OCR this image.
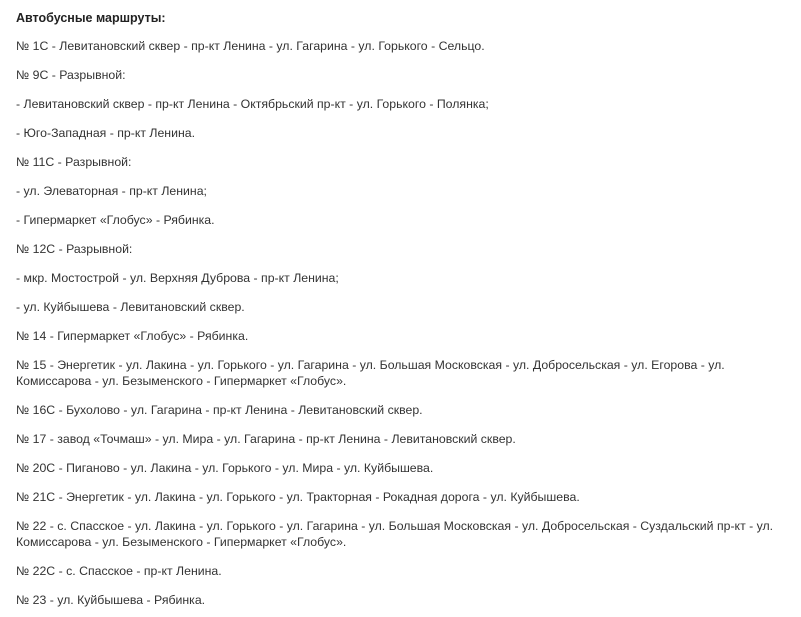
Автобусные маршруты:

№ 1С - Левитановский сквер - пр-кт Ленина - ул. Гагарина - ул. Горького - Сельцо.

№ 9С - Разрывной:

- Левитановский сквер - пр-кт Ленина - Октябрьский пр-кт - ул. Горького - Полянка;

- Юго-Западная - пр-кт Ленина.

№ 11С - Разрывной:

- ул. Элеваторная - пр-кт Ленина;

- Гипермаркет «Глобус» - Рябинка.

№ 12С - Разрывной:

- мкр. Мостострой - ул. Верхняя Дуброва - пр-кт Ленина;

- ул. Куйбышева - Левитановский сквер.

№ 14 - Гипермаркет «Глобус» - Рябинка.

№ 15 - Энергетик - ул. Лакина - ул. Горького - ул. Гагарина - ул. Большая Московская - ул. Добросельская - ул. Егорова - ул. Комиссарова - ул. Безыменского - Гипермаркет «Глобус».

№ 16С - Бухолово - ул. Гагарина - пр-кт Ленина - Левитановский сквер.

№ 17 - завод «Точмаш» - ул. Мира - ул. Гагарина - пр-кт Ленина - Левитановский сквер.

№ 20С - Пиганово - ул. Лакина - ул. Горького - ул. Мира - ул. Куйбышева.

№ 21С - Энергетик - ул. Лакина - ул. Горького - ул. Тракторная - Рокадная дорога - ул. Куйбышева.

№ 22 - с. Спасское - ул. Лакина - ул. Горького - ул. Гагарина - ул. Большая Московская - ул. Добросельская - Суздальский пр-кт - ул. Комиссарова - ул. Безыменского - Гипермаркет «Глобус».

№ 22С - с. Спасское - пр-кт Ленина.

№ 23 - ул. Куйбышева - Рябинка.
